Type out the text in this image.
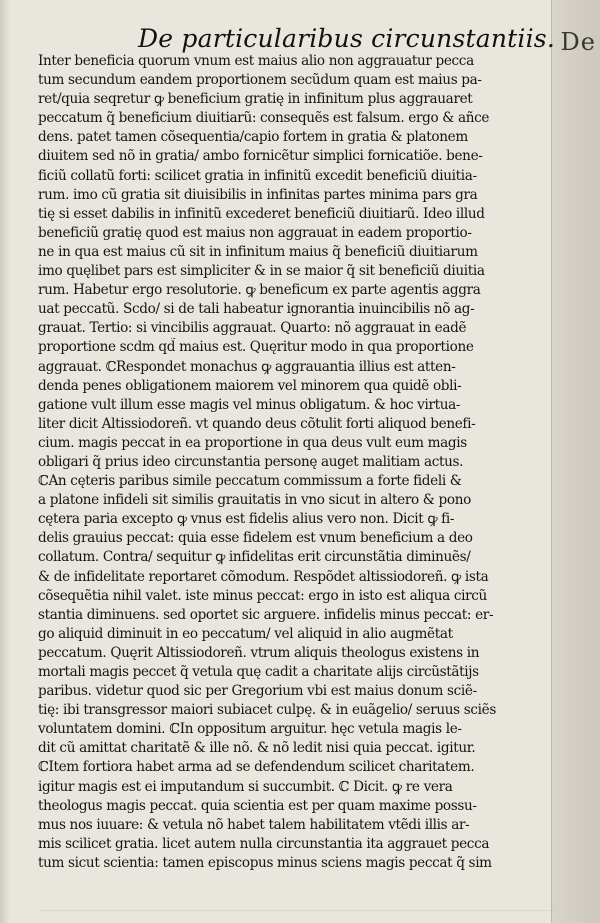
De
De particularibus circunstantiis.
Inter beneficia quorum vnum est maius alio non aggrauatur pecca
tum secundum eandem proportionem secũdum quam est maius pa-
ret/quia seqretur ꝙ beneficium gratię in infinitum plus aggrauaret
peccatum q̃ beneficium diuitiarũ: consequẽs est falsum. ergo & añce
dens. patet tamen cõsequentia/capio fortem in gratia & platonem
diuitem sed nõ in gratia/ ambo fornicẽtur simplici fornicatiõe. bene-
ficiũ collatũ forti: scilicet gratia in infinitũ excedit beneficiũ diuitia-
rum. imo cũ gratia sit diuisibilis in infinitas partes minima pars gra
tię si esset dabilis in infinitũ excederet beneficiũ diuitiarũ. Ideo illud
beneficiũ gratię quod est maius non aggrauat in eadem proportio-
ne in qua est maius cũ sit in infinitum maius q̃ beneficiũ diuitiarum
imo quęlibet pars est simpliciter & in se maior q̃ sit beneficiũ diuitia
rum. Habetur ergo resolutorie. ꝙ beneficum ex parte agentis aggra
uat peccatũ. Scdo/ si de tali habeatur ignorantia inuincibilis nõ ag-
grauat. Tertio: si vincibilis aggrauat. Quarto: nõ aggrauat in eadẽ
proportione scdm qd̃ maius est. Quęritur modo in qua proportione
aggrauat. ℂRespondet monachus ꝙ aggrauantia illius est atten-
denda penes obligationem maiorem vel minorem qua quidẽ obli-
gatione vult illum esse magis vel minus obligatum. & hoc virtua-
liter dicit Altissiodoreñ. vt quando deus cõtulit forti aliquod benefi-
cium. magis peccat in ea proportione in qua deus vult eum magis
obligari q̃ prius ideo circunstantia personę auget malitiam actus.
ℂAn cęteris paribus simile peccatum commissum a forte fideli &
a platone infideli sit similis grauitatis in vno sicut in altero & pono
cętera paria excepto ꝙ vnus est fidelis alius vero non. Dicit ꝙ fi-
delis grauius peccat: quia esse fidelem est vnum beneficium a deo
collatum. Contra/ sequitur ꝙ infidelitas erit circunstãtia diminuẽs/
& de infidelitate reportaret cõmodum. Respõdet altissiodoreñ. ꝙ ista
cõsequẽtia nihil valet. iste minus peccat: ergo in isto est aliqua circũ
stantia diminuens. sed oportet sic arguere. infidelis minus peccat: er-
go aliquid diminuit in eo peccatum/ vel aliquid in alio augmẽtat
peccatum. Quęrit Altissiodoreñ. vtrum aliquis theologus existens in
mortali magis peccet q̃ vetula quę cadit a charitate alijs circũstãtijs
paribus. videtur quod sic per Gregorium vbi est maius donum sciẽ-
tię: ibi transgressor maiori subiacet culpę. & in euãgelio/ seruus sciẽs
voluntatem domini. ℂIn oppositum arguitur. hęc vetula magis le-
dit cũ amittat charitatẽ & ille nõ. & nõ ledit nisi quia peccat. igitur.
ℂItem fortiora habet arma ad se defendendum scilicet charitatem.
igitur magis est ei imputandum si succumbit. ℂ Dicit. ꝙ re vera
theologus magis peccat. quia scientia est per quam maxime possu-
mus nos iuuare: & vetula nõ habet talem habilitatem vtẽdi illis ar-
mis scilicet gratia. licet autem nulla circunstantia ita aggrauet pecca
tum sicut scientia: tamen episcopus minus sciens magis peccat q̃ sim
